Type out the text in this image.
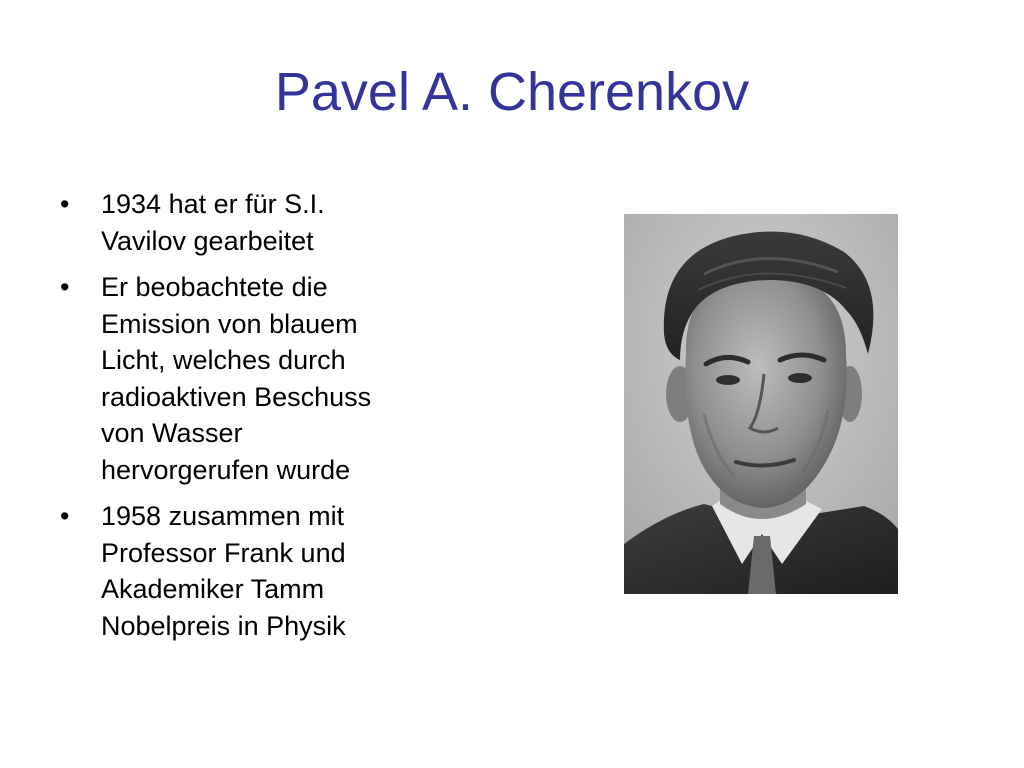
Pavel A. Cherenkov
• 1934 hat er für S.I.
Vavilov gearbeitet
• Er beobachtete die
Emission von blauem
Licht, welches durch
radioaktiven Beschuss
von Wasser
hervorgerufen wurde
• 1958 zusammen mit
Professor Frank und
Akademiker Tamm
Nobelpreis in Physik
